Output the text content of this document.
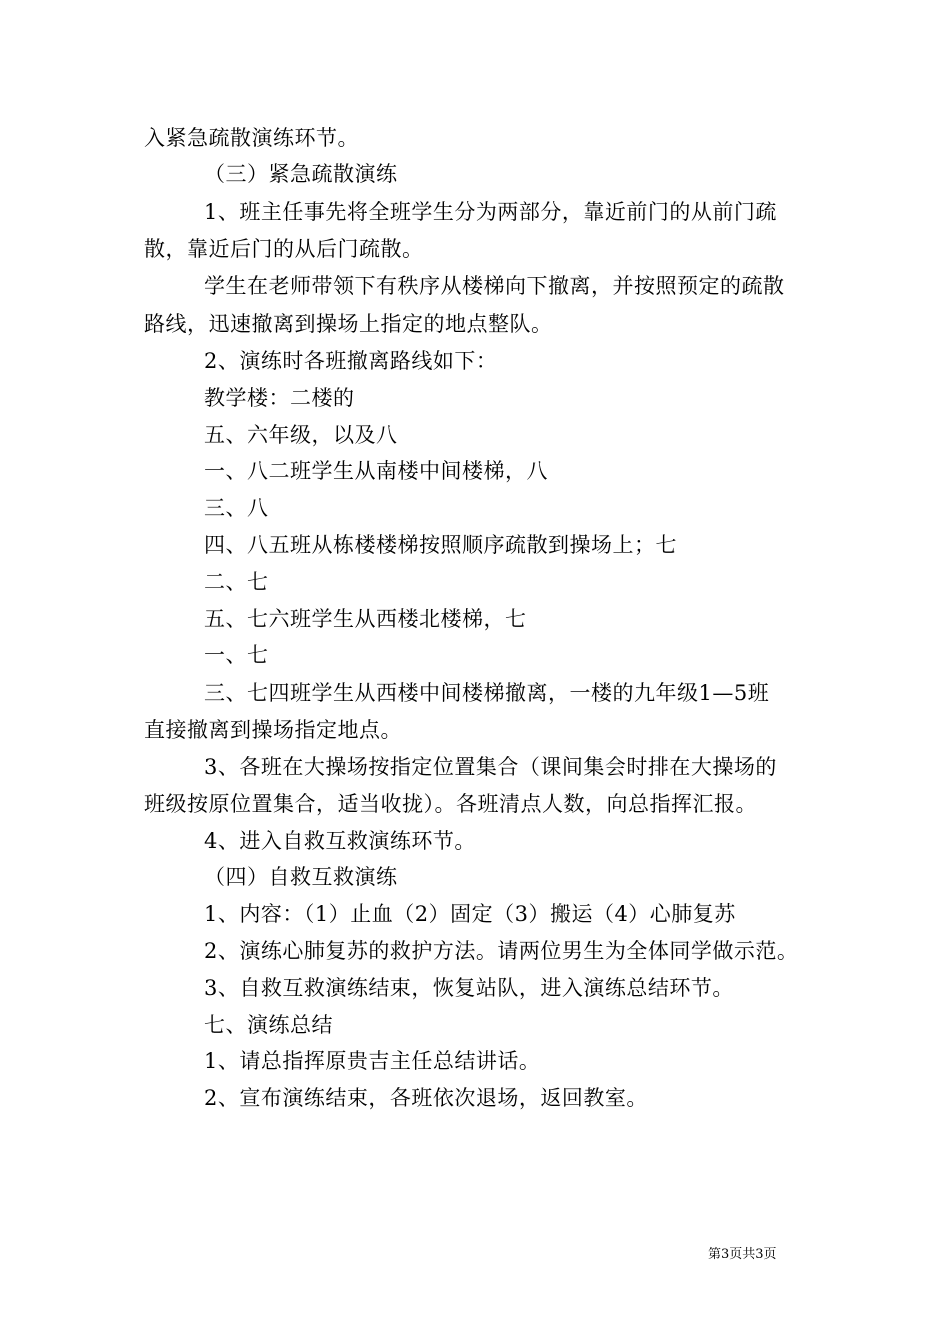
入紧急疏散演练环节。
（三）紧急疏散演练
1、班主任事先将全班学生分为两部分，靠近前门的从前门疏
散，靠近后门的从后门疏散。
学生在老师带领下有秩序从楼梯向下撤离，并按照预定的疏散
路线，迅速撤离到操场上指定的地点整队。
2、演练时各班撤离路线如下：
教学楼：二楼的
五、六年级，以及八
一、八二班学生从南楼中间楼梯，八
三、八
四、八五班从栋楼楼梯按照顺序疏散到操场上；七
二、七
五、七六班学生从西楼北楼梯，七
一、七
三、七四班学生从西楼中间楼梯撤离，一楼的九年级1—5班
直接撤离到操场指定地点。
3、各班在大操场按指定位置集合（课间集会时排在大操场的
班级按原位置集合，适当收拢）。各班清点人数，向总指挥汇报。
4、进入自救互救演练环节。
（四）自救互救演练
1、内容：（1）止血（2）固定（3）搬运（4）心肺复苏
2、演练心肺复苏的救护方法。请两位男生为全体同学做示范。
3、自救互救演练结束，恢复站队，进入演练总结环节。
七、演练总结
1、请总指挥原贵吉主任总结讲话。
2、宣布演练结束，各班依次退场，返回教室。
第3页共3页
